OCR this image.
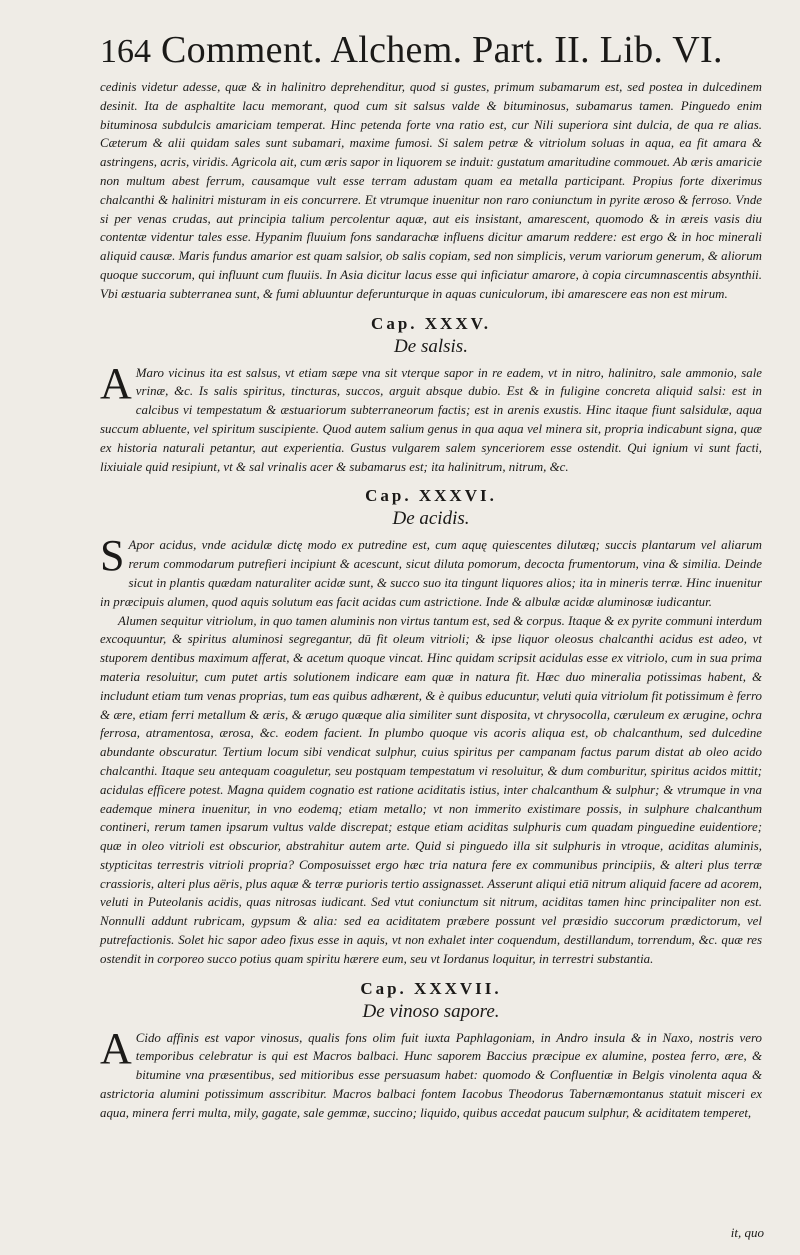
164 Comment. Alchem. Part. II. Lib. VI.

cedinis videtur adesse, quæ & in halinitro deprehenditur, quod si gustes, primum subamarum est, sed postea in dulcedinem desinit. Ita de asphaltite lacu memorant, quod cum sit salsus valde & bituminosus, subamarus tamen. Pinguedo enim bituminosa subdulcis amariciam temperat. Hinc petenda forte vna ratio est, cur Nili superiora sint dulcia, de qua re alias. Cæterum & alii quidam sales sunt subamari, maxime fumosi. Si salem petræ & vitriolum soluas in aqua, ea fit amara & astringens, acris, viridis. Agricola ait, cum æris sapor in liquorem se induit: gustatum amaritudine commouet. Ab æris amaricie non multum abest ferrum, causamque vult esse terram adustam quam ea metalla participant. Propius forte dixerimus chalcanthi & halinitri misturam in eis concurrere. Et vtrumque inuenitur non raro coniunctum in pyrite ærosо & ferroso. Vnde si per venas crudas, aut principia talium percolentur aquæ, aut eis insistant, amarescent, quomodo & in æreis vasis diu contentæ videntur tales esse. Hypanim fluuium fons sandarachæ influens dicitur amarum reddere: est ergo & in hoc minerali aliquid causæ. Maris fundus amarior est quam salsior, ob salis copiam, sed non simplicis, verum variorum generum, & aliorum quoque succorum, qui influunt cum fluuiis. In Asia dicitur lacus esse qui inficiatur amarore, à copia circumnascentis absynthii. Vbi æstuaria subterranea sunt, & fumi abluuntur deferunturque in aquas cuniculorum, ibi amarescere eas non est mirum.

Cap. XXXV.
De salsis.

A Maro vicinus ita est salsus, vt etiam sæpe vna sit vterque sapor in re eadem, vt in nitro, halinitro, sale ammonio, sale vrinæ, &c. Is salis spiritus, tincturas, succos, arguit absque dubio. Est & in fuligine concreta aliquid salsi: est in calcibus vi tempestatum & æstuariorum subterraneorum factis; est in arenis exustis. Hinc itaque fiunt salsidulæ, aqua succum abluente, vel spiritum suscipiente. Quod autem salium genus in qua aqua vel minera sit, propria indicabunt signa, quæ ex historia naturali petantur, aut experientia. Gustus vulgarem salem synceriorem esse ostendit. Qui ignium vi sunt facti, lixiuiale quid resipiunt, vt & sal vrinalis acer & subamarus est; ita halinitrum, nitrum, &c.

Cap. XXXVI.
De acidis.

S Apor acidus, vnde acidulæ dictę modo ex putredine est, cum aquę quiescentes dilutæq; succis plantarum vel aliarum rerum commodarum putrefieri incipiunt & acescunt, sicut diluta pomorum, decocta frumentorum, vina & similia. Deinde sicut in plantis quædam naturaliter acidæ sunt, & succo suo ita tingunt liquores alios; ita in mineris terræ. Hinc inuenitur in præcipuis alumen, quod aquis solutum eas facit acidas cum astrictione. Inde & albulæ acidæ aluminosæ iudicantur.

Alumen sequitur vitriolum, in quo tamen aluminis non virtus tantum est, sed & corpus. Itaque & ex pyrite communi interdum excoquuntur, & spiritus aluminosi segregantur, dū fit oleum vitrioli; & ipse liquor oleosus chalcanthi acidus est adeo, vt stuporem dentibus maximum afferat, & acetum quoque vincat. Hinc quidam scripsit acidulas esse ex vitriolo, cum in sua prima materia resoluitur, cum putet artis solutionem indicare eam quæ in natura fit. Hæc duo mineralia potissimas habent, & includunt etiam tum venas proprias, tum eas quibus adhærent, & è quibus educuntur, veluti quia vitriolum fit potissimum è ferro & ære, etiam ferri metallum & æris, & ærugo quæque alia similiter sunt disposita, vt chrysocolla, cæruleum ex ærugine, ochra ferrosa, atramentosa, ærosa, &c. eodem facient. In plumbo quoque vis acoris aliqua est, ob chalcanthum, sed dulcedine abundante obscuratur. Tertium locum sibi vendicat sulphur, cuius spiritus per campanam factus parum distat ab oleo acido chalcanthi. Itaque seu antequam coaguletur, seu postquam tempestatum vi resoluitur, & dum comburitur, spiritus acidos mittit; acidulas efficere potest. Magna quidem cognatio est ratione aciditatis istius, inter chalcanthum & sulphur; & vtrumque in vna eademque minera inuenitur, in vno eodemq; etiam metallo; vt non immerito existimare possis, in sulphure chalcanthum contineri, rerum tamen ipsarum vultus valde discrepat; estque etiam aciditas sulphuris cum quadam pinguedine euidentiore; quæ in oleo vitrioli est obscurior, abstrahitur autem arte. Quid si pinguedo illa sit sulphuris in vtroque, aciditas aluminis, stypticitas terrestris vitrioli propria? Composuisset ergo hæc tria natura fere ex communibus principiis, & alteri plus terræ crassioris, alteri plus aëris, plus aquæ & terræ purioris tertio assignasset. Asserunt aliqui etiā nitrum aliquid facere ad acorem, veluti in Puteolanis acidis, quas nitrosas iudicant. Sed vtut coniunctum sit nitrum, aciditas tamen hinc principaliter non est. Nonnulli addunt rubricam, gypsum & alia: sed ea aciditatem præbere possunt vel præsidio succorum prædictorum, vel putrefactionis. Solet hic sapor adeo fixus esse in aquis, vt non exhalet inter coquendum, destillandum, torrendum, &c. quæ res ostendit in corporeo succo potius quam spiritu hærere eum, seu vt Iordanus loquitur, in terrestri substantia.

Cap. XXXVII.
De vinoso sapore.

A Cido affinis est vapor vinosus, qualis fons olim fuit iuxta Paphlagoniam, in Andro insula & in Naxo, nostris vero temporibus celebratur is qui est Macros balbaci. Hunc saporem Baccius præcipue ex alumine, postea ferro, ære, & bitumine vna præsentibus, sed mitioribus esse persuasum habet: quomodo & Confluentiæ in Belgis vinolenta aqua & astrictoria alumini potissimum asscribitur. Macros balbaci fontem Iacobus Theodorus Tabernæmontanus statuit misceri ex aqua, minera ferri multa, mily, gagate, sale gemmæ, succino; liquido, quibus accedat paucum sulphur, & aciditatem temperet,

it, quo
